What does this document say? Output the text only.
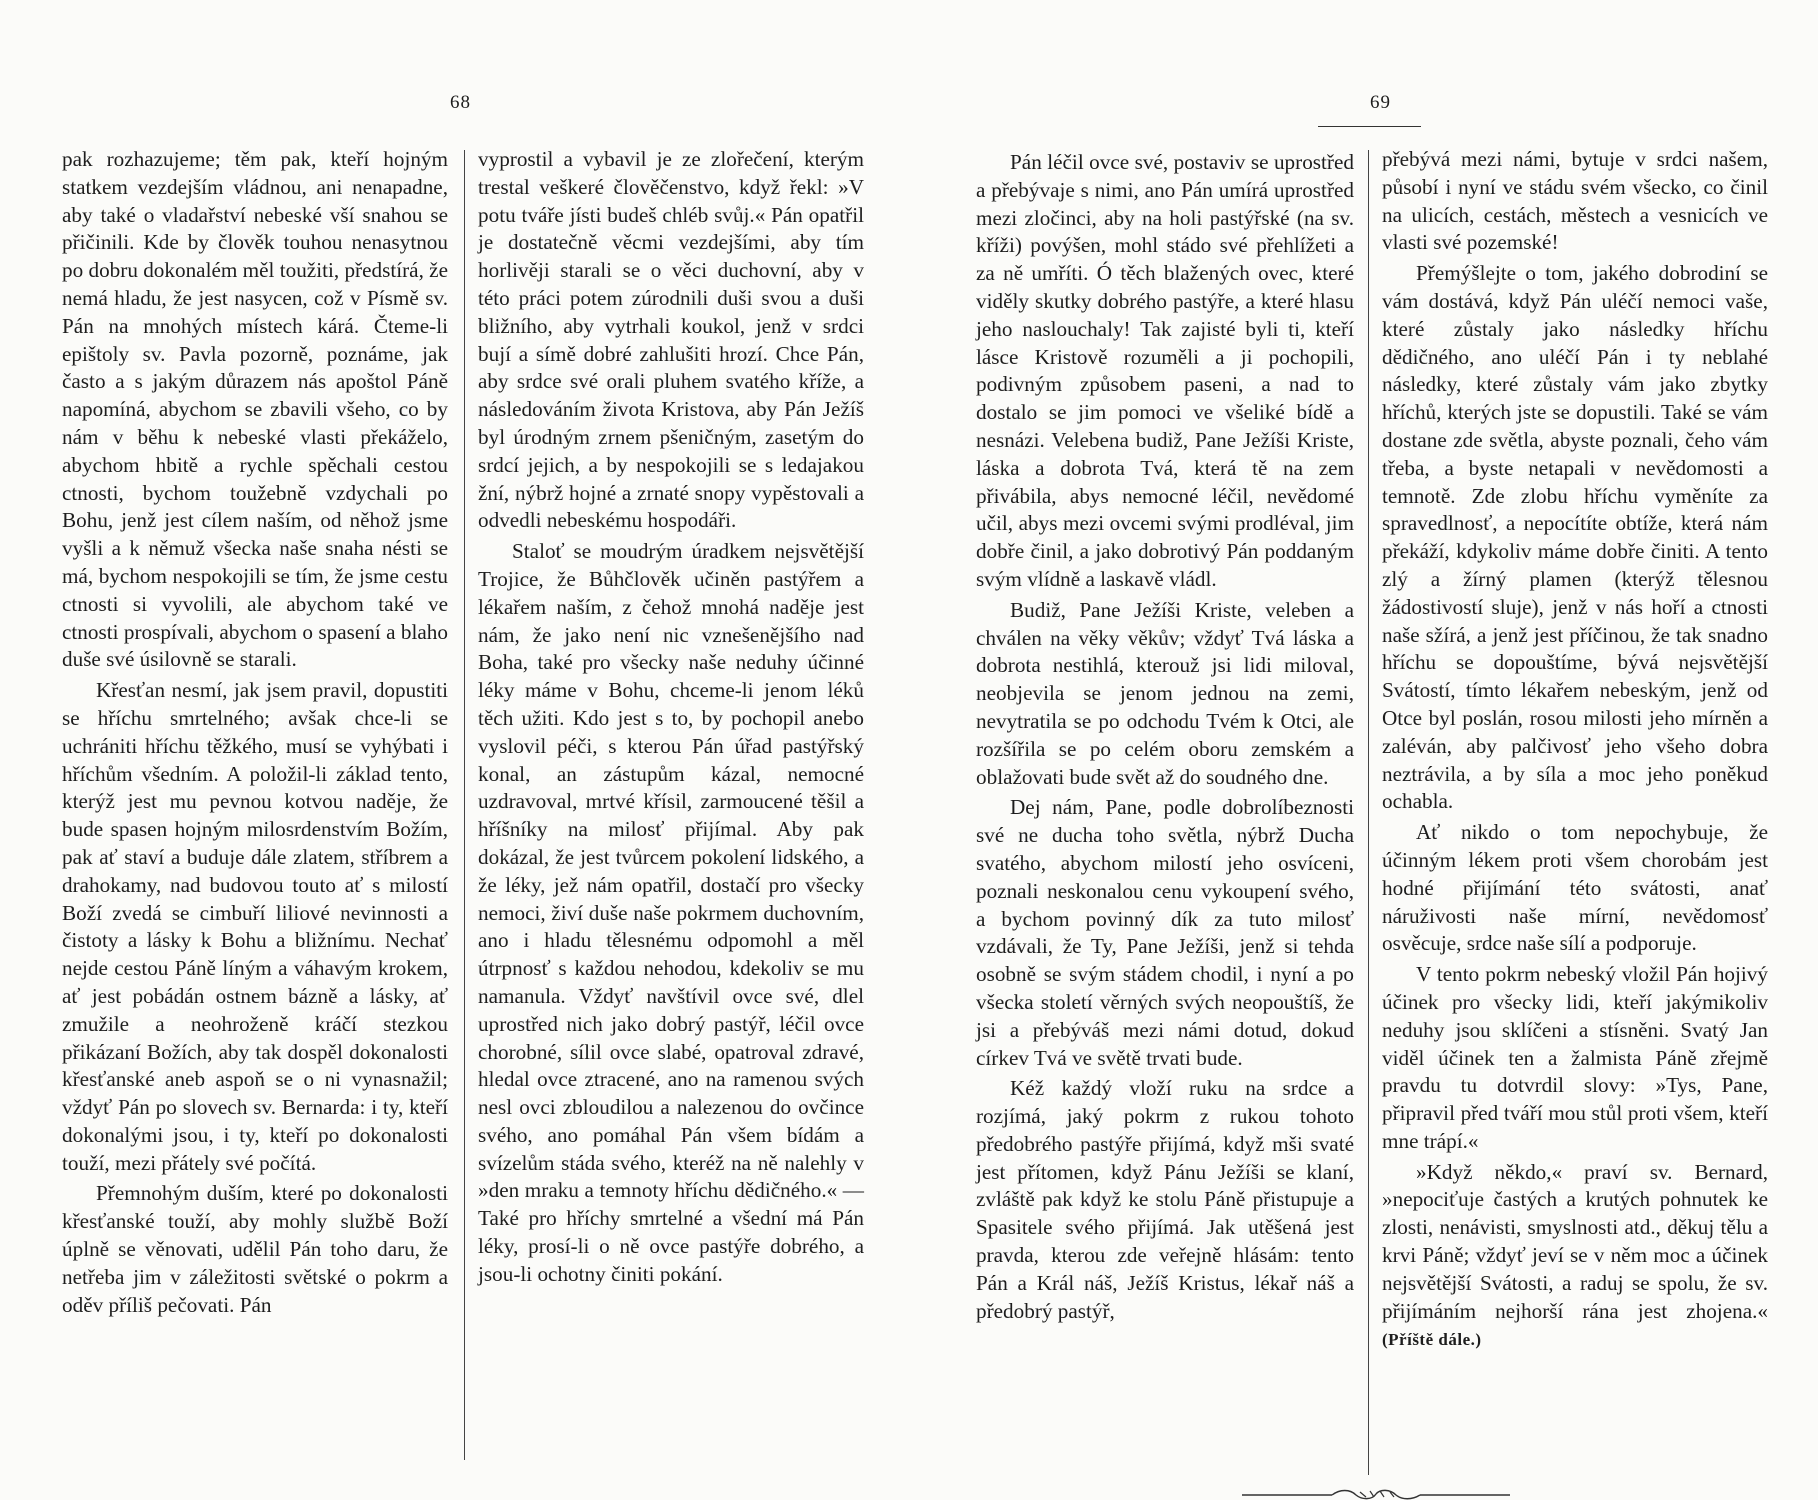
68	69

pak rozhazujeme; těm pak, kteří hojným statkem vezdejším vládnou, ani nenapadne, aby také o vladařství nebeské vší snahou se přičinili. Kde by člověk touhou nenasytnou po dobru dokonalém měl toužiti, předstírá, že nemá hladu, že jest nasycen, což v Písmě sv. Pán na mnohých místech kárá. Čteme-li epištoly sv. Pavla pozorně, poznáme, jak často a s jakým důrazem nás apoštol Páně napomíná, abychom se zbavili všeho, co by nám v běhu k nebeské vlasti překáželo, abychom hbitě a rychle spěchali cestou ctnosti, bychom toužebně vzdychali po Bohu, jenž jest cílem naším, od něhož jsme vyšli a k němuž všecka naše snaha nésti se má, bychom nespokojili se tím, že jsme cestu ctnosti si vyvolili, ale abychom také ve ctnosti prospívali, abychom o spasení a blaho duše své úsilovně se starali.

Křesťan nesmí, jak jsem pravil, dopustiti se hříchu smrtelného; avšak chce-li se uchrániti hříchu těžkého, musí se vyhýbati i hříchům všedním. A položil-li základ tento, kterýž jest mu pevnou kotvou naděje, že bude spasen hojným milosrdenstvím Božím, pak ať staví a buduje dále zlatem, stříbrem a drahokamy, nad budovou touto ať s milostí Boží zvedá se cimbuří liliové nevinnosti a čistoty a lásky k Bohu a bližnímu. Nechať nejde cestou Páně líným a váhavým krokem, ať jest pobádán ostnem bázně a lásky, ať zmužile a neohroženě kráčí stezkou přikázaní Božích, aby tak dospěl dokonalosti křesťanské aneb aspoň se o ni vynasnažil; vždyť Pán po slovech sv. Bernarda: i ty, kteří dokonalými jsou, i ty, kteří po dokonalosti touží, mezi přátely své počítá.

Přemnohým duším, které po dokonalosti křesťanské touží, aby mohly službě Boží úplně se věnovati, udělil Pán toho daru, že netřeba jim v záležitosti světské o pokrm a oděv příliš pečovati. Pán

vyprostil a vybavil je ze zlořečení, kterým trestal veškeré člověčenstvo, když řekl: »V potu tváře jísti budeš chléb svůj.« Pán opatřil je dostatečně věcmi vezdejšími, aby tím horlivěji starali se o věci duchovní, aby v této práci potem zúrodnili duši svou a duši bližního, aby vytrhali koukol, jenž v srdci bují a símě dobré zahlušiti hrozí. Chce Pán, aby srdce své orali pluhem svatého kříže, a následováním života Kristova, aby Pán Ježíš byl úrodným zrnem pšeničným, zasetým do srdcí jejich, a by nespokojili se s ledajakou žní, nýbrž hojné a zrnaté snopy vypěstovali a odvedli nebeskému hospodáři.

Staloť se moudrým úradkem nejsvětější Trojice, že Bůhčlověk učiněn pastýřem a lékařem naším, z čehož mnohá naděje jest nám, že jako není nic vznešenějšího nad Boha, také pro všecky naše neduhy účinné léky máme v Bohu, chceme-li jenom léků těch užiti. Kdo jest s to, by pochopil anebo vyslovil péči, s kterou Pán úřad pastýřský konal, an zástupům kázal, nemocné uzdravoval, mrtvé křísil, zarmoucené těšil a hříšníky na milosť přijímal. Aby pak dokázal, že jest tvůrcem pokolení lidského, a že léky, jež nám opatřil, dostačí pro všecky nemoci, živí duše naše pokrmem duchovním, ano i hladu tělesnému odpomohl a měl útrpnosť s každou nehodou, kdekoliv se mu namanula. Vždyť navštívil ovce své, dlel uprostřed nich jako dobrý pastýř, léčil ovce chorobné, sílil ovce slabé, opatroval zdravé, hledal ovce ztracené, ano na ramenou svých nesl ovci zbloudilou a nalezenou do ovčince svého, ano pomáhal Pán všem bídám a svízelům stáda svého, kteréž na ně nalehly v »den mraku a temnoty hříchu dědičného.« — Také pro hříchy smrtelné a všední má Pán léky, prosí-li o ně ovce pastýře dobrého, a jsou-li ochotny činiti pokání.

Pán léčil ovce své, postaviv se uprostřed a přebývaje s nimi, ano Pán umírá uprostřed mezi zločinci, aby na holi pastýřské (na sv. kříži) povýšen, mohl stádo své přehlížeti a za ně umříti. Ó těch blažených ovec, které viděly skutky dobrého pastýře, a které hlasu jeho naslouchaly! Tak zajisté byli ti, kteří lásce Kristově rozuměli a ji pochopili, podivným způsobem paseni, a nad to dostalo se jim pomoci ve všeliké bídě a nesnázi. Velebena budiž, Pane Ježíši Kriste, láska a dobrota Tvá, která tě na zem přivábila, abys nemocné léčil, nevědomé učil, abys mezi ovcemi svými prodléval, jim dobře činil, a jako dobrotivý Pán poddaným svým vlídně a laskavě vládl.

Budiž, Pane Ježíši Kriste, veleben a chválen na věky věkův; vždyť Tvá láska a dobrota nestihlá, kterouž jsi lidi miloval, neobjevila se jenom jednou na zemi, nevytratila se po odchodu Tvém k Otci, ale rozšířila se po celém oboru zemském a oblažovati bude svět až do soudného dne.

Dej nám, Pane, podle dobrolíbeznosti své ne ducha toho světla, nýbrž Ducha svatého, abychom milostí jeho osvíceni, poznali neskonalou cenu vykoupení svého, a bychom povinný dík za tuto milosť vzdávali, že Ty, Pane Ježíši, jenž si tehda osobně se svým stádem chodil, i nyní a po všecka století věrných svých neopouštíš, že jsi a přebýváš mezi námi dotud, dokud církev Tvá ve světě trvati bude.

Kéž každý vloží ruku na srdce a rozjímá, jaký pokrm z rukou tohoto předobrého pastýře přijímá, když mši svaté jest přítomen, když Pánu Ježíši se klaní, zvláště pak když ke stolu Páně přistupuje a Spasitele svého přijímá. Jak utěšená jest pravda, kterou zde veřejně hlásám: tento Pán a Král náš, Ježíš Kristus, lékař náš a předobrý pastýř,

přebývá mezi námi, bytuje v srdci našem, působí i nyní ve stádu svém všecko, co činil na ulicích, cestách, městech a vesnicích ve vlasti své pozemské!

Přemýšlejte o tom, jakého dobrodiní se vám dostává, když Pán uléčí nemoci vaše, které zůstaly jako následky hříchu dědičného, ano uléčí Pán i ty neblahé následky, které zůstaly vám jako zbytky hříchů, kterých jste se dopustili. Také se vám dostane zde světla, abyste poznali, čeho vám třeba, a byste netapali v nevědomosti a temnotě. Zde zlobu hříchu vyměníte za spravedlnosť, a nepocítíte obtíže, která nám překáží, kdykoliv máme dobře činiti. A tento zlý a žírný plamen (kterýž tělesnou žádostivostí sluje), jenž v nás hoří a ctnosti naše sžírá, a jenž jest příčinou, že tak snadno hříchu se dopouštíme, bývá nejsvětější Svátostí, tímto lékařem nebeským, jenž od Otce byl poslán, rosou milosti jeho mírněn a zaléván, aby palčivosť jeho všeho dobra neztrávila, a by síla a moc jeho poněkud ochabla.

Ať nikdo o tom nepochybuje, že účinným lékem proti všem chorobám jest hodné přijímání této svátosti, anať náruživosti naše mírní, nevědomosť osvěcuje, srdce naše sílí a podporuje.

V tento pokrm nebeský vložil Pán hojivý účinek pro všecky lidi, kteří jakýmikoliv neduhy jsou sklíčeni a stísněni. Svatý Jan viděl účinek ten a žalmista Páně zřejmě pravdu tu dotvrdil slovy: »Tys, Pane, připravil před tváří mou stůl proti všem, kteří mne trápí.«

»Když někdo,« praví sv. Bernard, »nepociťuje častých a krutých pohnutek ke zlosti, nenávisti, smyslnosti atd., děkuj tělu a krvi Páně; vždyť jeví se v něm moc a účinek nejsvětější Svátosti, a raduj se spolu, že sv. přijímáním nejhorší rána jest zhojena.« (Příště dále.)
